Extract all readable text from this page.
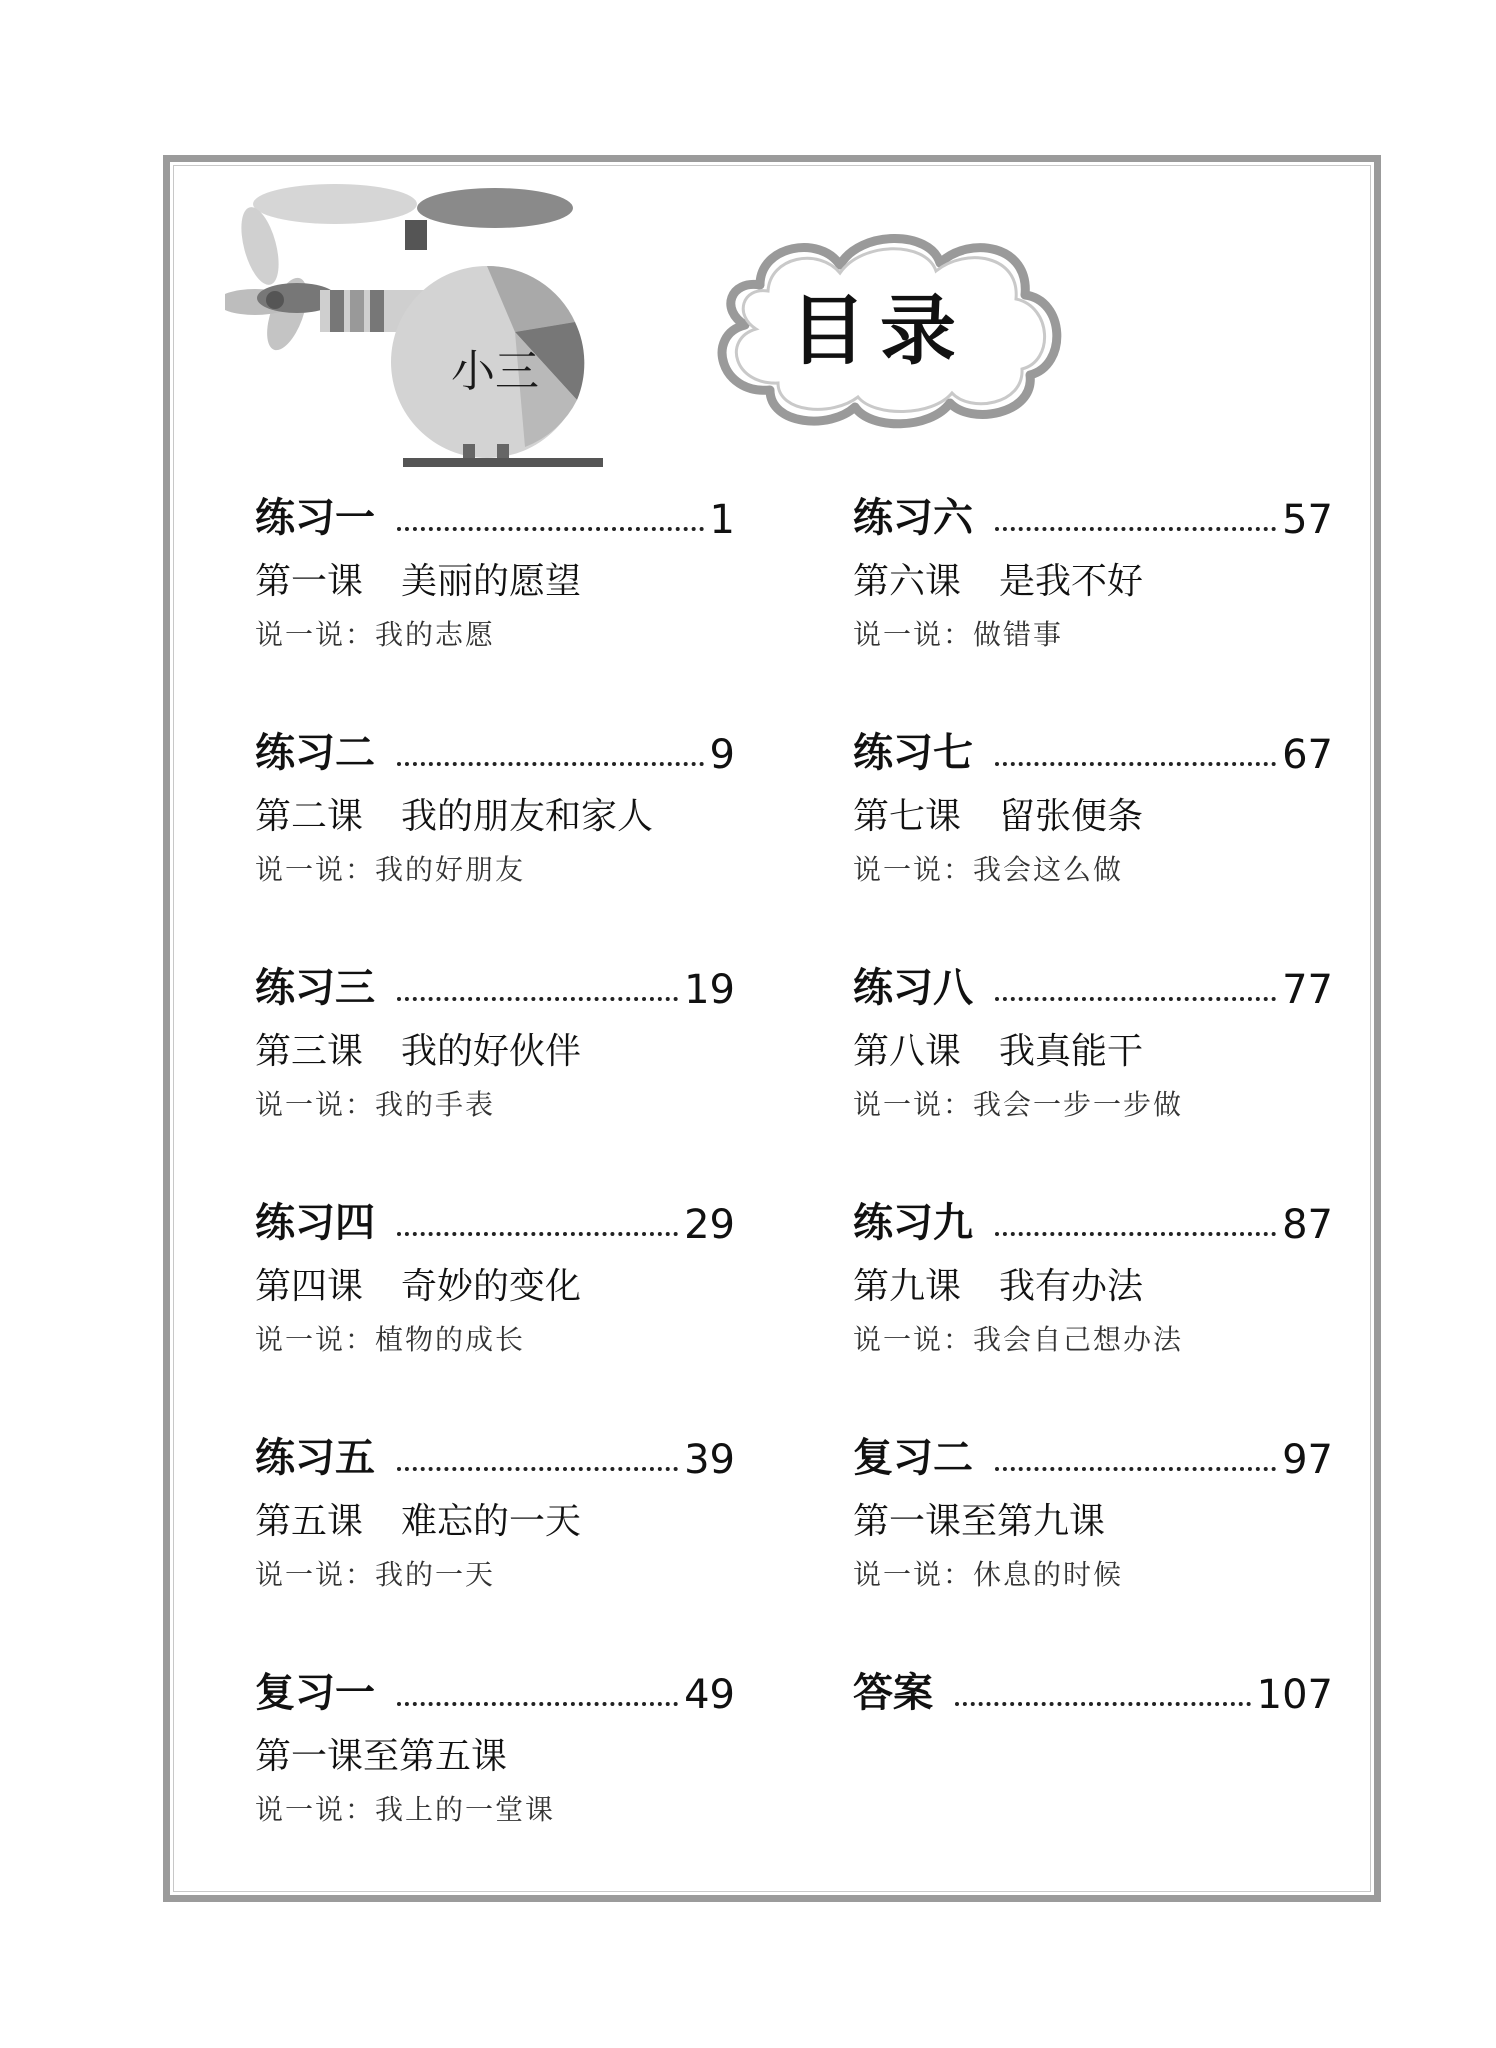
小三	目录
练习一	1
第一课 美丽的愿望
说一说：我的志愿
练习二	9
第二课 我的朋友和家人
说一说：我的好朋友
练习三	19
第三课 我的好伙伴
说一说：我的手表
练习四	29
第四课 奇妙的变化
说一说：植物的成长
练习五	39
第五课 难忘的一天
说一说：我的一天
复习一	49
第一课至第五课
说一说：我上的一堂课
练习六	57
第六课 是我不好
说一说：做错事
练习七	67
第七课 留张便条
说一说：我会这么做
练习八	77
第八课 我真能干
说一说：我会一步一步做
练习九	87
第九课 我有办法
说一说：我会自己想办法
复习二	97
第一课至第九课
说一说：休息的时候
答案	107
